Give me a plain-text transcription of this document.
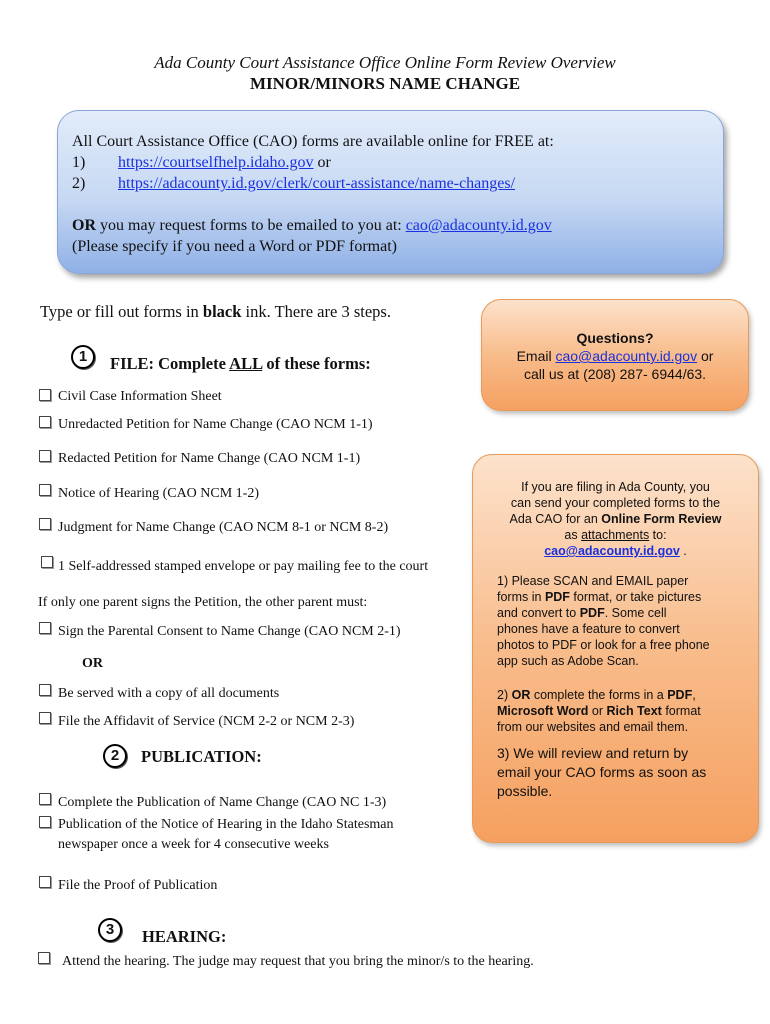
Ada County Court Assistance Office Online Form Review Overview
MINOR/MINORS NAME CHANGE
All Court Assistance Office (CAO) forms are available online for FREE at:
1) https://courtselfhelp.idaho.gov or
2) https://adacounty.id.gov/clerk/court-assistance/name-changes/
OR you may request forms to be emailed to you at: cao@adacounty.id.gov
(Please specify if you need a Word or PDF format)
Type or fill out forms in black ink. There are 3 steps.
1	FILE: Complete ALL of these forms:
Civil Case Information Sheet
Unredacted Petition for Name Change (CAO NCM 1-1)
Redacted Petition for Name Change (CAO NCM 1-1)
Notice of Hearing (CAO NCM 1-2)
Judgment for Name Change (CAO NCM 8-1 or NCM 8-2)
1 Self-addressed stamped envelope or pay mailing fee to the court
If only one parent signs the Petition, the other parent must:
Sign the Parental Consent to Name Change (CAO NCM 2-1)
OR
Be served with a copy of all documents
File the Affidavit of Service (NCM 2-2 or NCM 2-3)
2	PUBLICATION:
Complete the Publication of Name Change (CAO NC 1-3)
Publication of the Notice of Hearing in the Idaho Statesman
newspaper once a week for 4 consecutive weeks
File the Proof of Publication
3	HEARING:
Attend the hearing. The judge may request that you bring the minor/s to the hearing.
Questions?
Email cao@adacounty.id.gov or
call us at (208) 287- 6944/63.
If you are filing in Ada County, you
can send your completed forms to the
Ada CAO for an Online Form Review
as attachments to:
cao@adacounty.id.gov .
1) Please SCAN and EMAIL paper
forms in PDF format, or take pictures
and convert to PDF. Some cell
phones have a feature to convert
photos to PDF or look for a free phone
app such as Adobe Scan.
2) OR complete the forms in a PDF,
Microsoft Word or Rich Text format
from our websites and email them.
3) We will review and return by
email your CAO forms as soon as
possible.
